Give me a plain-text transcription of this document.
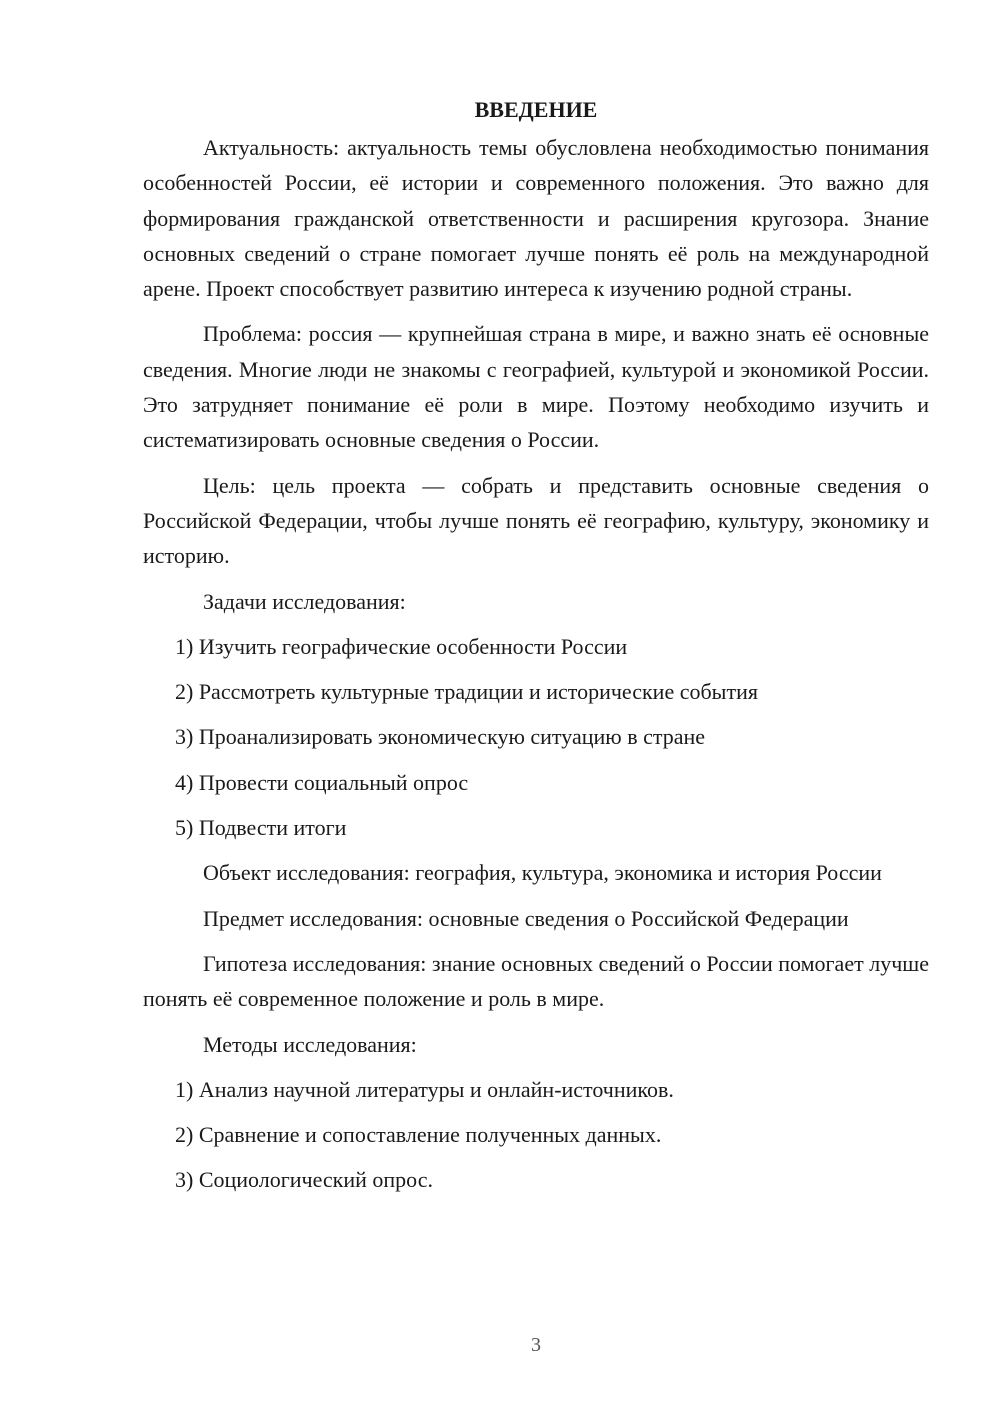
ВВЕДЕНИЕ

Актуальность: актуальность темы обусловлена необходимостью понимания особенностей России, её истории и современного положения. Это важно для формирования гражданской ответственности и расширения кругозора. Знание основных сведений о стране помогает лучше понять её роль на международной арене. Проект способствует развитию интереса к изучению родной страны.

Проблема: россия — крупнейшая страна в мире, и важно знать её основные сведения. Многие люди не знакомы с географией, культурой и экономикой России. Это затрудняет понимание её роли в мире. Поэтому необходимо изучить и систематизировать основные сведения о России.

Цель: цель проекта — собрать и представить основные сведения о Российской Федерации, чтобы лучше понять её географию, культуру, экономику и историю.

Задачи исследования:

1) Изучить географические особенности России

2) Рассмотреть культурные традиции и исторические события

3) Проанализировать экономическую ситуацию в стране

4) Провести социальный опрос

5) Подвести итоги

Объект исследования: география, культура, экономика и история России

Предмет исследования: основные сведения о Российской Федерации

Гипотеза исследования: знание основных сведений о России помогает лучше понять её современное положение и роль в мире.

Методы исследования:

1) Анализ научной литературы и онлайн-источников.

2) Сравнение и сопоставление полученных данных.

3) Социологический опрос.

3
